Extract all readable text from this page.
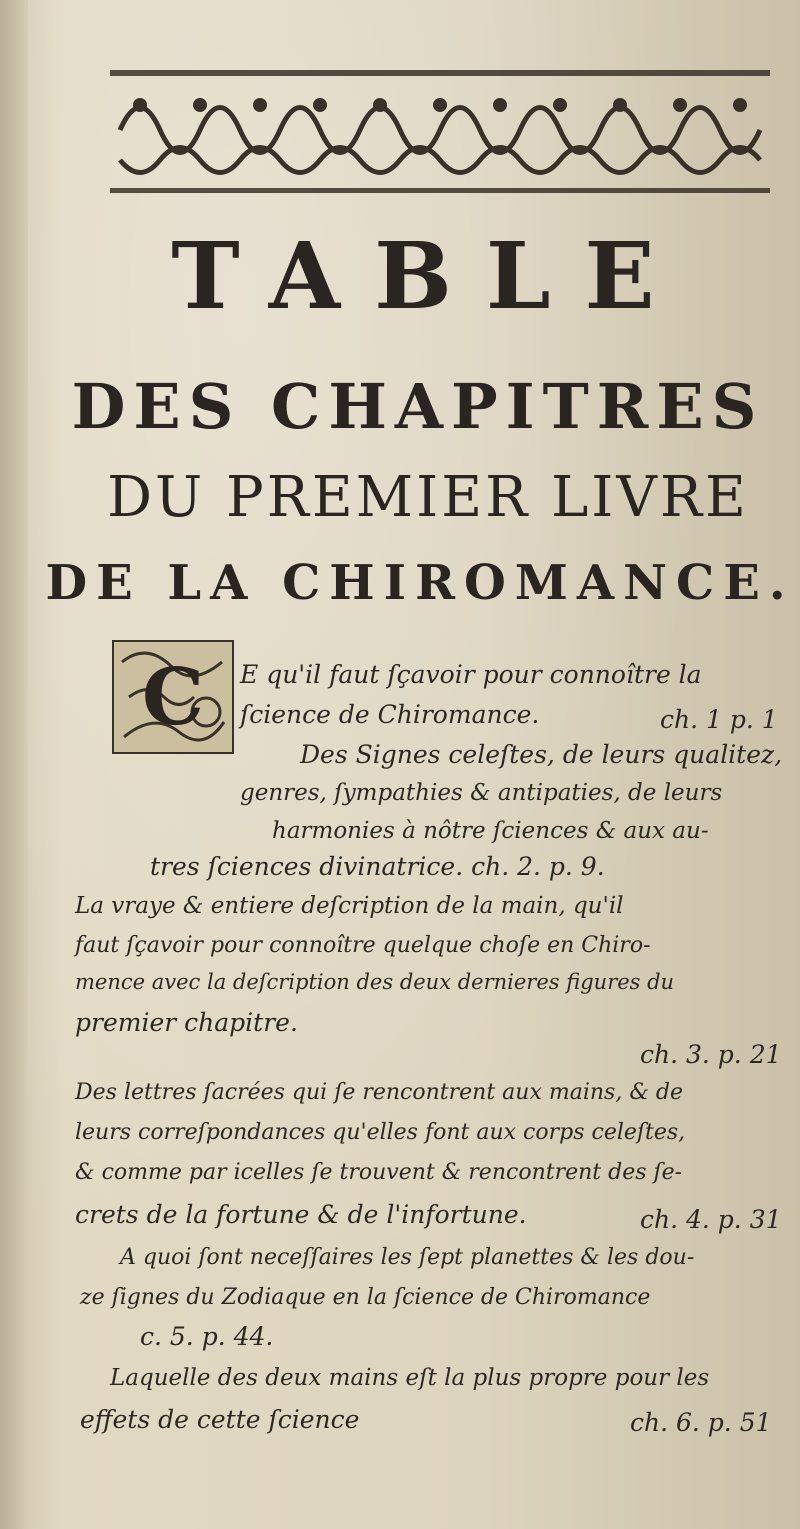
TABLE
DES CHAPITRES
DU PREMIER LIVRE
DE LA CHIROMANCE.
C E qu'il faut ſçavoir pour connoître la
ſcience de Chiromance.	ch. 1 p. 1
Des Signes celeſtes, de leurs qualitez,
genres, ſympathies & antipaties, de leurs
harmonies à nôtre ſciences & aux au-
tres ſciences divinatrice. ch. 2. p. 9.
La vraye & entiere deſcription de la main, qu'il
faut ſçavoir pour connoître quelque choſe en Chiro-
mence avec la deſcription des deux dernieres figures du
premier chapitre.
ch. 3. p. 21
Des lettres ſacrées qui ſe rencontrent aux mains, & de
leurs correſpondances qu'elles font aux corps celeſtes,
& comme par icelles ſe trouvent & rencontrent des ſe-
crets de la fortune & de l'infortune.	ch. 4. p. 31
A quoi ſont neceſſaires les ſept planettes & les dou-
ze ſignes du Zodiaque en la ſcience de Chiromance
c. 5. p. 44.
Laquelle des deux mains eſt la plus propre pour les
effets de cette ſcience	ch. 6. p. 51
